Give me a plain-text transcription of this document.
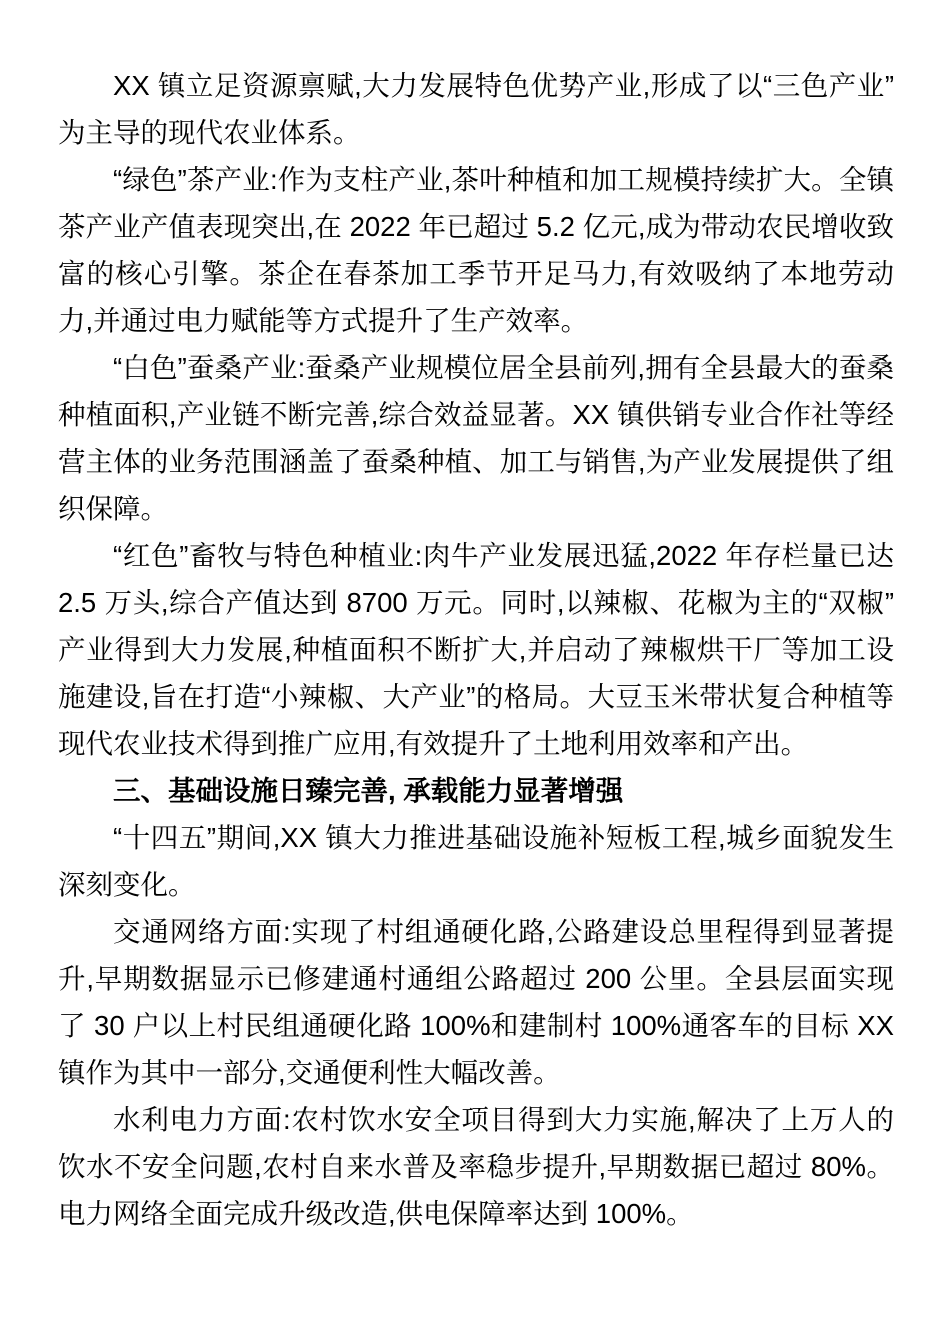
XX 镇立足资源禀赋,大力发展特色优势产业,形成了以“三色产业”为主导的现代农业体系。

“绿色”茶产业:作为支柱产业,茶叶种植和加工规模持续扩大。全镇茶产业产值表现突出,在 2022 年已超过 5.2 亿元,成为带动农民增收致富的核心引擎。茶企在春茶加工季节开足马力,有效吸纳了本地劳动力,并通过电力赋能等方式提升了生产效率。

“白色”蚕桑产业:蚕桑产业规模位居全县前列,拥有全县最大的蚕桑种植面积,产业链不断完善,综合效益显著。XX 镇供销专业合作社等经营主体的业务范围涵盖了蚕桑种植、加工与销售,为产业发展提供了组织保障。

“红色”畜牧与特色种植业:肉牛产业发展迅猛,2022 年存栏量已达 2.5 万头,综合产值达到 8700 万元。同时,以辣椒、花椒为主的“双椒”产业得到大力发展,种植面积不断扩大,并启动了辣椒烘干厂等加工设施建设,旨在打造“小辣椒、大产业”的格局。大豆玉米带状复合种植等现代农业技术得到推广应用,有效提升了土地利用效率和产出。

三、基础设施日臻完善, 承载能力显著增强

“十四五”期间,XX 镇大力推进基础设施补短板工程,城乡面貌发生深刻变化。

交通网络方面:实现了村组通硬化路,公路建设总里程得到显著提升,早期数据显示已修建通村通组公路超过 200 公里。全县层面实现了 30 户以上村民组通硬化路 100%和建制村 100%通客车的目标 XX 镇作为其中一部分,交通便利性大幅改善。

水利电力方面:农村饮水安全项目得到大力实施,解决了上万人的饮水不安全问题,农村自来水普及率稳步提升,早期数据已超过 80%。电力网络全面完成升级改造,供电保障率达到 100%。
